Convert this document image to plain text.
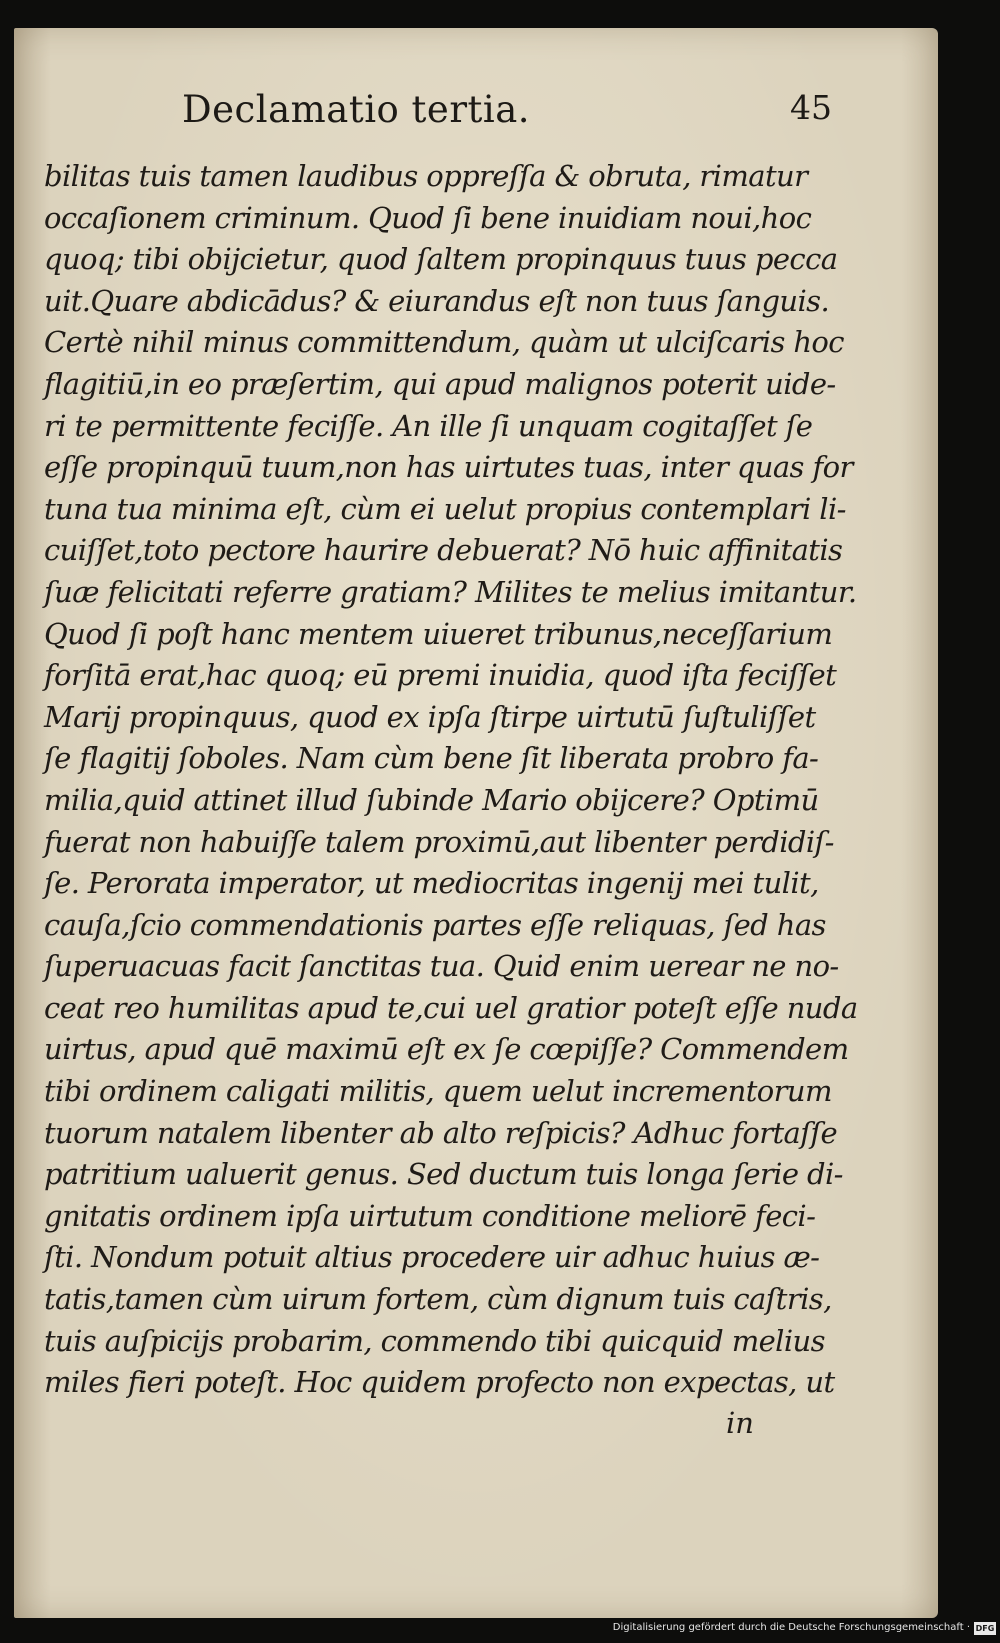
Declamatio tertia.	45
bilitas tuis tamen laudibus oppreſſa & obruta, rimatur
occaſionem criminum. Quod ſi bene inuidiam noui,hoc
quoq; tibi obijcietur, quod ſaltem propinquus tuus pecca
uit.Quare abdicādus? & eiurandus eſt non tuus ſanguis.
Certè nihil minus committendum, quàm ut ulciſcaris hoc
flagitiū,in eo præſertim, qui apud malignos poterit uide-
ri te permittente feciſſe. An ille ſi unquam cogitaſſet ſe
eſſe propinquū tuum,non has uirtutes tuas, inter quas for
tuna tua minima eſt, cùm ei uelut propius contemplari li-
cuiſſet,toto pectore haurire debuerat? Nō huic affinitatis
ſuæ felicitati referre gratiam? Milites te melius imitantur.
Quod ſi poſt hanc mentem uiueret tribunus,neceſſarium
forſitā erat,hac quoq; eū premi inuidia, quod iſta feciſſet
Marij propinquus, quod ex ipſa ſtirpe uirtutū ſuſtuliſſet
ſe flagitij ſoboles. Nam cùm bene ſit liberata probro fa-
milia,quid attinet illud ſubinde Mario obijcere? Optimū
fuerat non habuiſſe talem proximū,aut libenter perdidiſ-
ſe. Perorata imperator, ut mediocritas ingenij mei tulit,
cauſa,ſcio commendationis partes eſſe reliquas, ſed has
ſuperuacuas facit ſanctitas tua. Quid enim uerear ne no-
ceat reo humilitas apud te,cui uel gratior poteſt eſſe nuda
uirtus, apud quē maximū eſt ex ſe cœpiſſe? Commendem
tibi ordinem caligati militis, quem uelut incrementorum
tuorum natalem libenter ab alto reſpicis? Adhuc fortaſſe
patritium ualuerit genus. Sed ductum tuis longa ſerie di-
gnitatis ordinem ipſa uirtutum conditione meliorē feci-
ſti. Nondum potuit altius procedere uir adhuc huius æ-
tatis,tamen cùm uirum fortem, cùm dignum tuis caſtris,
tuis auſpicijs probarim, commendo tibi quicquid melius
miles fieri poteſt. Hoc quidem profecto non expectas, ut
in
Digitalisierung gefördert durch die Deutsche Forschungsgemeinschaft · DFG
